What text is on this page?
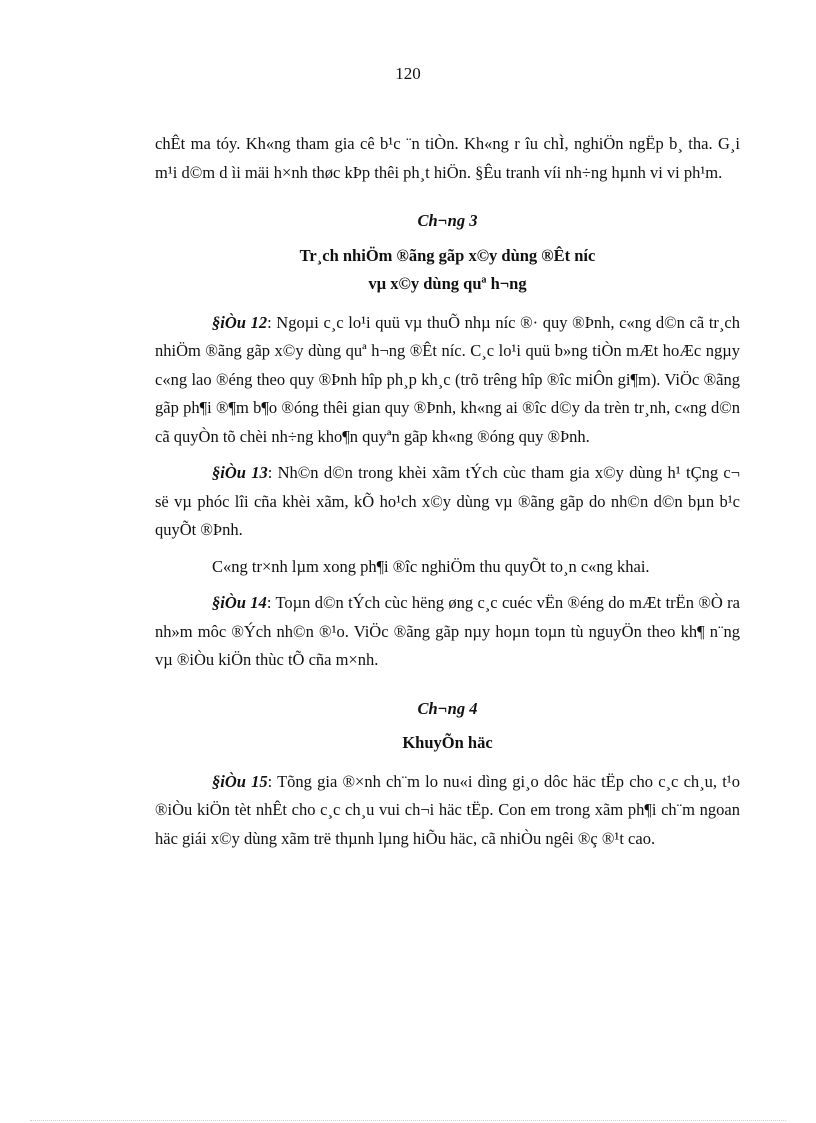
120

chÊt ma tóy. Kh«ng tham gia cê b¹c ¨n tiÒn. Kh«ng r îu chÌ, nghiÖn ngËp b¸ tha. G¸i m¹i d©m d ìi mäi h×nh thøc kÞp thêi ph¸t hiÖn. §Êu tranh víi nh÷ng hµnh vi vi ph¹m.

Ch¬ng 3
Tr¸ch nhiÖm ®ãng gãp x©y dùng ®Êt níc
vµ x©y dùng quª h¬ng

§iÒu 12: Ngoµi c¸c lo¹i quü vµ thuÕ nhµ níc ®· quy ®Þnh, c«ng d©n cã tr¸ch nhiÖm ®ãng gãp x©y dùng quª h¬ng ®Êt níc. C¸c lo¹i quü b»ng tiÒn mÆt hoÆc ngµy c«ng lao ®éng theo quy ®Þnh hîp ph¸p kh¸c (trõ trêng hîp ®îc miÔn gi¶m). ViÖc ®ãng gãp ph¶i ®¶m b¶o ®óng thêi gian quy ®Þnh, kh«ng ai ®îc d©y da trèn tr¸nh, c«ng d©n cã quyÒn tõ chèi nh÷ng kho¶n quyªn gãp kh«ng ®óng quy ®Þnh.

§iÒu 13: Nh©n d©n trong khèi xãm tÝch cùc tham gia x©y dùng h¹ tÇng c¬ së vµ phóc lîi cña khèi xãm, kÕ ho¹ch x©y dùng vµ ®ãng gãp do nh©n d©n bµn b¹c quyÕt ®Þnh.

C«ng tr×nh lµm xong ph¶i ®îc nghiÖm thu quyÕt to¸n c«ng khai.

§iÒu 14: Toµn d©n tÝch cùc hëng øng c¸c cuéc vËn ®éng do mÆt trËn ®Ò ra nh»m môc ®Ých nh©n ®¹o. ViÖc ®ãng gãp nµy hoµn toµn tù nguyÖn theo kh¶ n¨ng vµ ®iÒu kiÖn thùc tÕ cña m×nh.

Ch¬ng 4
KhuyÕn häc

§iÒu 15: Tõng gia ®×nh ch¨m lo nu«i dìng gi¸o dôc häc tËp cho c¸c ch¸u, t¹o ®iÒu kiÖn tèt nhÊt cho c¸c ch¸u vui ch¬i häc tËp. Con em trong xãm ph¶i ch¨m ngoan häc giái x©y dùng xãm trë thµnh lµng hiÕu häc, cã nhiÒu ngêi ®ç ®¹t cao.
